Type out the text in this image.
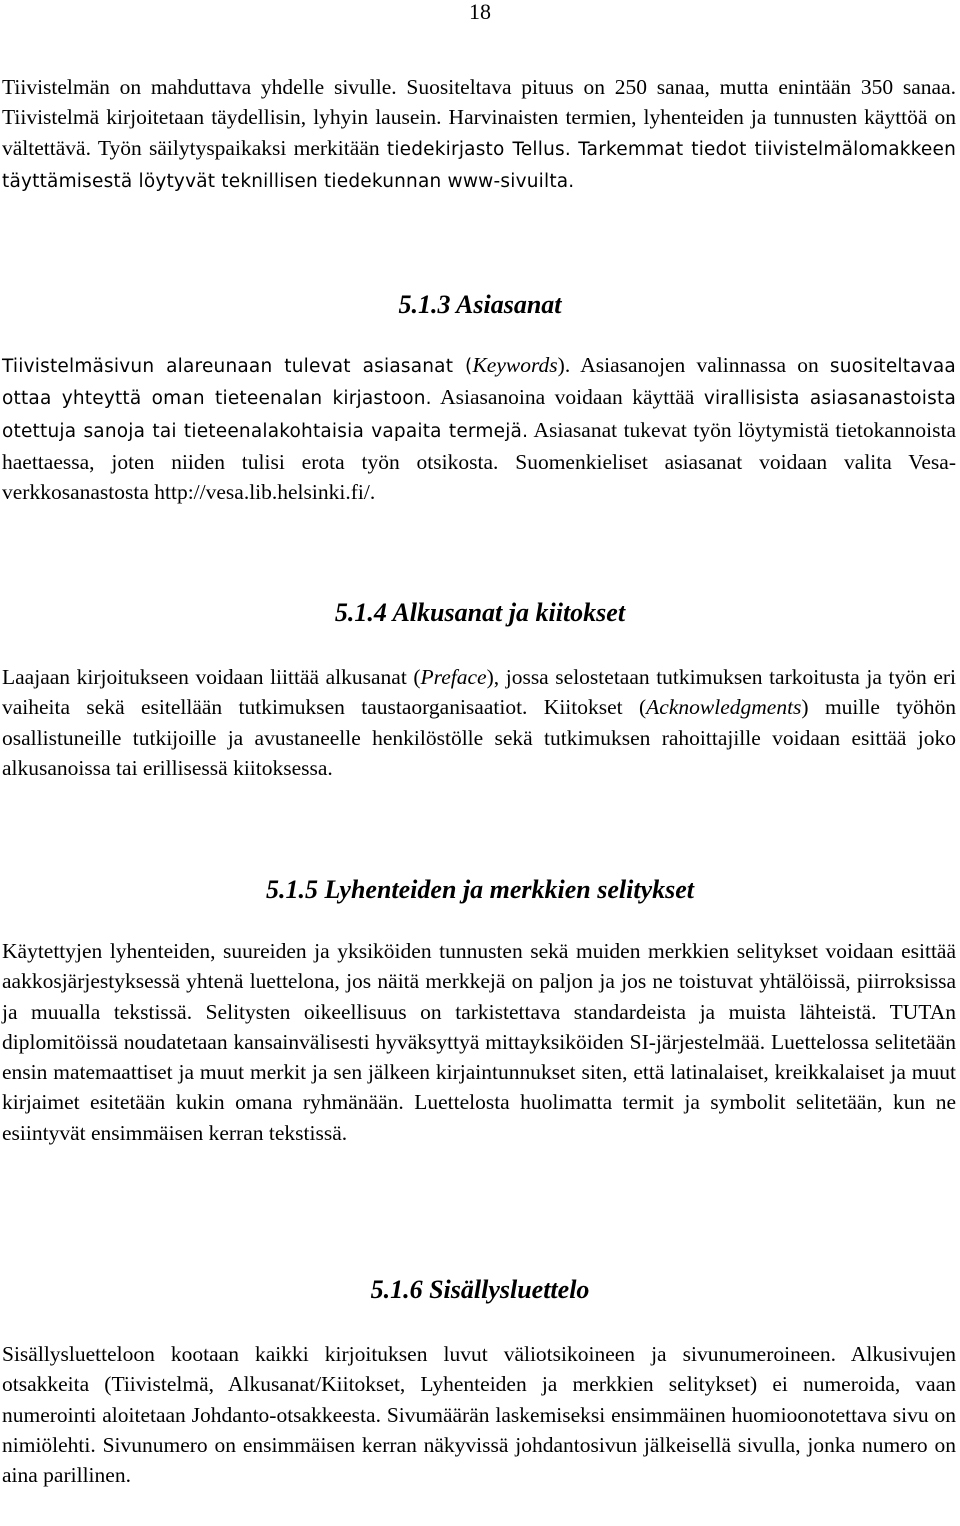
18

Tiivistelmän on mahduttava yhdelle sivulle. Suositeltava pituus on 250 sanaa, mutta enintään 350 sanaa. Tiivistelmä kirjoitetaan täydellisin, lyhyin lausein. Harvinaisten termien, lyhenteiden ja tunnusten käyttöä on vältettävä. Työn säilytyspaikaksi merkitään tiedekirjasto Tellus. Tarkemmat tiedot tiivistelmälomakkeen täyttämisestä löytyvät teknillisen tiedekunnan www-sivuilta.

5.1.3 Asiasanat

Tiivistelmäsivun alareunaan tulevat asiasanat (Keywords). Asiasanojen valinnassa on suositeltavaa ottaa yhteyttä oman tieteenalan kirjastoon. Asiasanoina voidaan käyttää virallisista asiasanastoista otettuja sanoja tai tieteenalakohtaisia vapaita termejä. Asiasanat tukevat työn löytymistä tietokannoista haettaessa, joten niiden tulisi erota työn otsikosta. Suomenkieliset asiasanat voidaan valita Vesa-verkkosanastosta http://vesa.lib.helsinki.fi/.

5.1.4 Alkusanat ja kiitokset

Laajaan kirjoitukseen voidaan liittää alkusanat (Preface), jossa selostetaan tutkimuksen tarkoitusta ja työn eri vaiheita sekä esitellään tutkimuksen taustaorganisaatiot. Kiitokset (Acknowledgments) muille työhön osallistuneille tutkijoille ja avustaneelle henkilöstölle sekä tutkimuksen rahoittajille voidaan esittää joko alkusanoissa tai erillisessä kiitoksessa.

5.1.5 Lyhenteiden ja merkkien selitykset

Käytettyjen lyhenteiden, suureiden ja yksiköiden tunnusten sekä muiden merkkien selitykset voidaan esittää aakkosjärjestyksessä yhtenä luettelona, jos näitä merkkejä on paljon ja jos ne toistuvat yhtälöissä, piirroksissa ja muualla tekstissä. Selitysten oikeellisuus on tarkistettava standardeista ja muista lähteistä. TUTAn diplomitöissä noudatetaan kansainvälisesti hyväksyttyä mittayksiköiden SI-järjestelmää. Luettelossa selitetään ensin matemaattiset ja muut merkit ja sen jälkeen kirjaintunnukset siten, että latinalaiset, kreikkalaiset ja muut kirjaimet esitetään kukin omana ryhmänään. Luettelosta huolimatta termit ja symbolit selitetään, kun ne esiintyvät ensimmäisen kerran tekstissä.

5.1.6 Sisällysluettelo

Sisällysluetteloon kootaan kaikki kirjoituksen luvut väliotsikoineen ja sivunumeroineen. Alkusivujen otsakkeita (Tiivistelmä, Alkusanat/Kiitokset, Lyhenteiden ja merkkien selitykset) ei numeroida, vaan numerointi aloitetaan Johdanto-otsakkeesta. Sivumäärän laskemiseksi ensimmäinen huomioonotettava sivu on nimiölehti. Sivunumero on ensimmäisen kerran näkyvissä johdantosivun jälkeisellä sivulla, jonka numero on aina parillinen.
